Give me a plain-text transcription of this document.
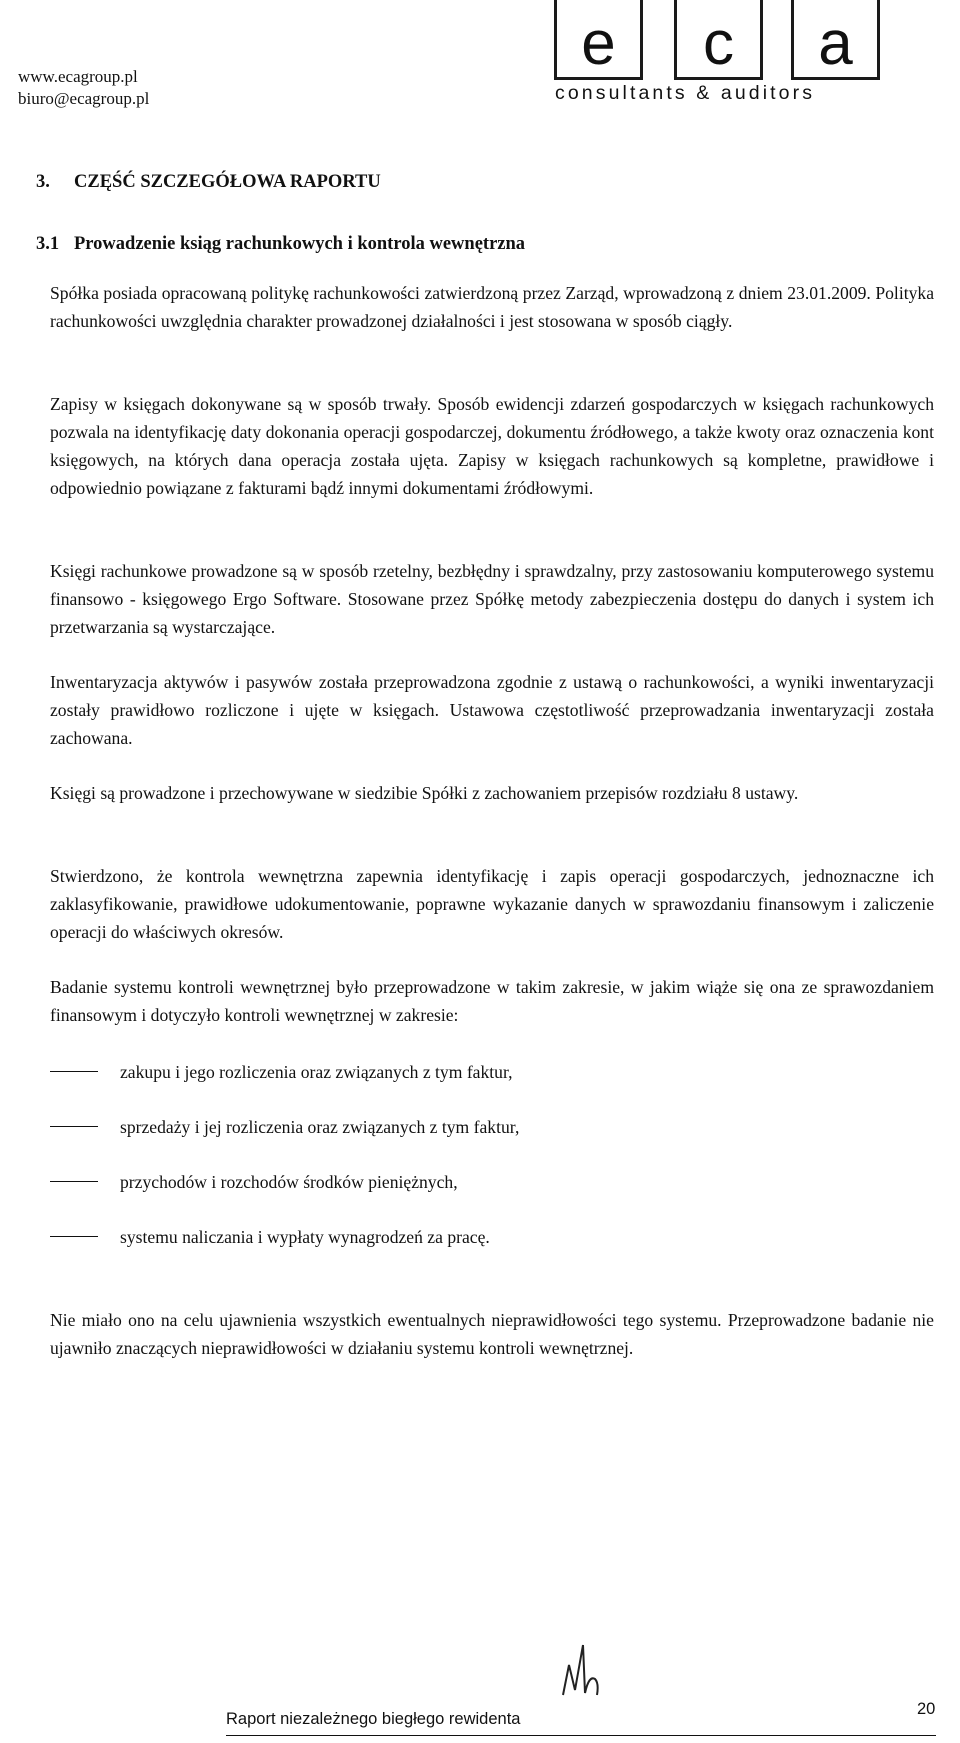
www.ecagroup.pl
biuro@ecagroup.pl
e	c	a
consultants & auditors
3. CZĘŚĆ SZCZEGÓŁOWA RAPORTU
3.1 Prowadzenie ksiąg rachunkowych i kontrola wewnętrzna

Spółka posiada opracowaną politykę rachunkowości zatwierdzoną przez Zarząd, wprowadzoną z dniem 23.01.2009. Polityka rachunkowości uwzględnia charakter prowadzonej działalności i jest stosowana w sposób ciągły.

Zapisy w księgach dokonywane są w sposób trwały. Sposób ewidencji zdarzeń gospodarczych w księgach rachunkowych pozwala na identyfikację daty dokonania operacji gospodarczej, dokumentu źródłowego, a także kwoty oraz oznaczenia kont księgowych, na których dana operacja została ujęta. Zapisy w księgach rachunkowych są kompletne, prawidłowe i odpowiednio powiązane z fakturami bądź innymi dokumentami źródłowymi.

Księgi rachunkowe prowadzone są w sposób rzetelny, bezbłędny i sprawdzalny, przy zastosowaniu komputerowego systemu finansowo - księgowego Ergo Software. Stosowane przez Spółkę metody zabezpieczenia dostępu do danych i system ich przetwarzania są wystarczające.

Inwentaryzacja aktywów i pasywów została przeprowadzona zgodnie z ustawą o rachunkowości, a wyniki inwentaryzacji zostały prawidłowo rozliczone i ujęte w księgach. Ustawowa częstotliwość przeprowadzania inwentaryzacji została zachowana.

Księgi są prowadzone i przechowywane w siedzibie Spółki z zachowaniem przepisów rozdziału 8 ustawy.

Stwierdzono, że kontrola wewnętrzna zapewnia identyfikację i zapis operacji gospodarczych, jednoznaczne ich zaklasyfikowanie, prawidłowe udokumentowanie, poprawne wykazanie danych w sprawozdaniu finansowym i zaliczenie operacji do właściwych okresów.

Badanie systemu kontroli wewnętrznej było przeprowadzone w takim zakresie, w jakim wiąże się ona ze sprawozdaniem finansowym i dotyczyło kontroli wewnętrznej w zakresie:

zakupu i jego rozliczenia oraz związanych z tym faktur,
sprzedaży i jej rozliczenia oraz związanych z tym faktur,
przychodów i rozchodów środków pieniężnych,
systemu naliczania i wypłaty wynagrodzeń za pracę.

Nie miało ono na celu ujawnienia wszystkich ewentualnych nieprawidłowości tego systemu. Przeprowadzone badanie nie ujawniło znaczących nieprawidłowości w działaniu systemu kontroli wewnętrznej.

Raport niezależnego biegłego rewidenta
20
